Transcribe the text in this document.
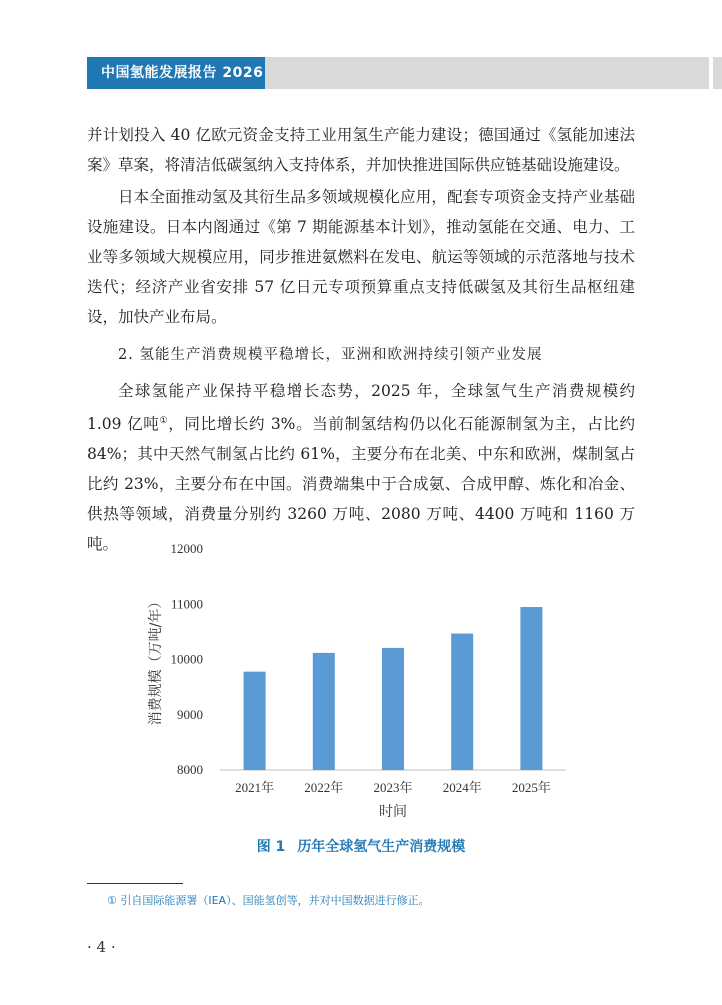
中国氢能发展报告 2026

并计划投入 40 亿欧元资金支持工业用氢生产能力建设；德国通过《氢能加速法案》草案，将清洁低碳氢纳入支持体系，并加快推进国际供应链基础设施建设。

日本全面推动氢及其衍生品多领域规模化应用，配套专项资金支持产业基础设施建设。日本内阁通过《第 7 期能源基本计划》，推动氢能在交通、电力、工业等多领域大规模应用，同步推进氨燃料在发电、航运等领域的示范落地与技术迭代；经济产业省安排 57 亿日元专项预算重点支持低碳氢及其衍生品枢纽建设，加快产业布局。

2. 氢能生产消费规模平稳增长，亚洲和欧洲持续引领产业发展

全球氢能产业保持平稳增长态势，2025 年，全球氢气生产消费规模约 1.09 亿吨①，同比增长约 3%。当前制氢结构仍以化石能源制氢为主，占比约 84%；其中天然气制氢占比约 61%，主要分布在北美、中东和欧洲，煤制氢占比约 23%，主要分布在中国。消费端集中于合成氨、合成甲醇、炼化和冶金、供热等领域，消费量分别约 3260 万吨、2080 万吨、4400 万吨和 1160 万吨。

8000
9000
10000
11000
12000
2021年 2022年 2023年 2024年 2025年
时间
消费规模（万吨/年）
图 1 历年全球氢气生产消费规模
① 引自国际能源署（IEA）、国能氢创等，并对中国数据进行修正。
· 4 ·
